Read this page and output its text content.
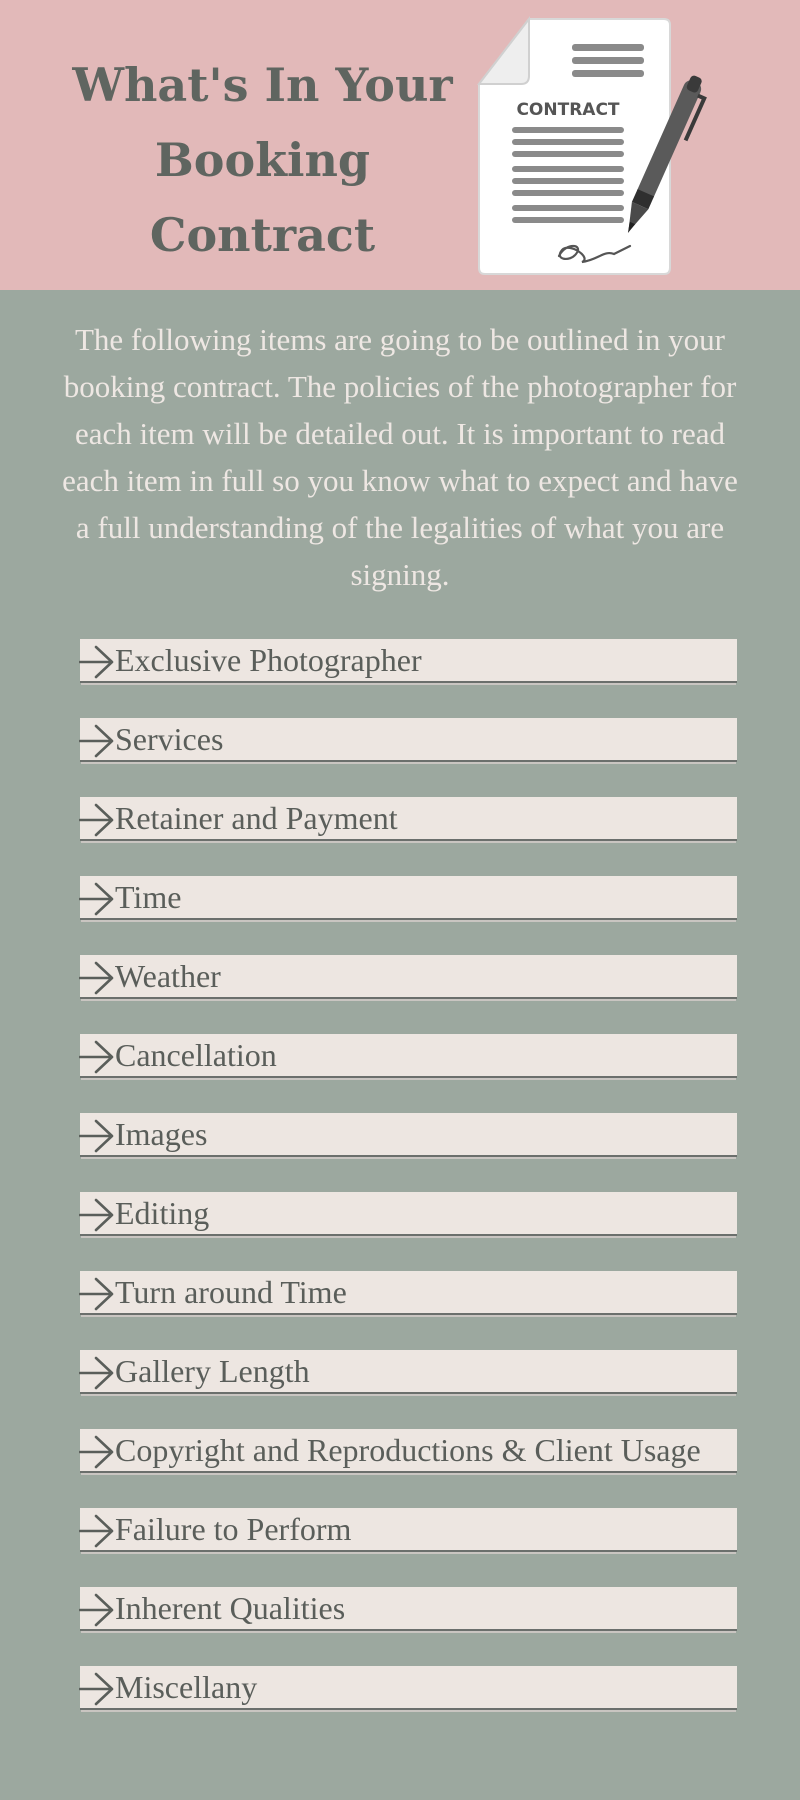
What's In Your
Booking
Contract
CONTRACT

The following items are going to be outlined in your booking contract. The policies of the photographer for each item will be detailed out. It is important to read each item in full so you know what to expect and have a full understanding of the legalities of what you are signing.

Exclusive Photographer
Services
Retainer and Payment
Time
Weather
Cancellation
Images
Editing
Turn around Time
Gallery Length
Copyright and Reproductions & Client Usage
Failure to Perform
Inherent Qualities
Miscellany
